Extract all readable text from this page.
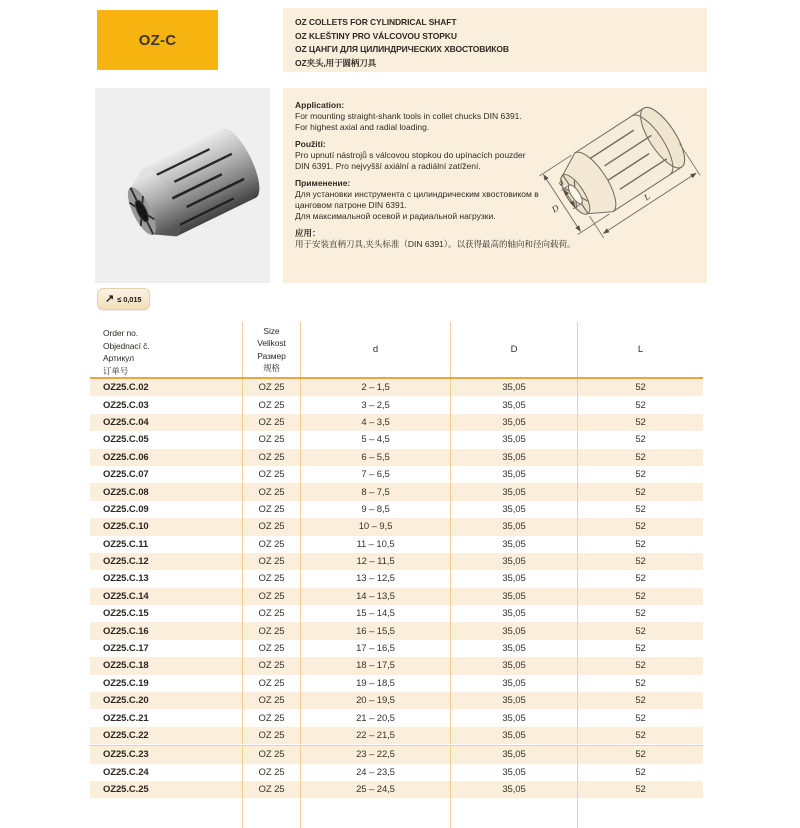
OZ-C
OZ COLLETS FOR CYLINDRICAL SHAFT
OZ KLEŠTINY PRO VÁLCOVOU STOPKU
OZ ЦАНГИ ДЛЯ ЦИЛИНДРИЧЕСКИХ ХВОСТОВИКОВ
OZ夹头,用于圆柄刀具
Application:
For mounting straight-shank tools in collet chucks DIN 6391.
For highest axial and radial loading.
Použití:
Pro upnutí nástrojů s válcovou stopkou do upínacích pouzder
DIN 6391. Pro nejvyšší axiální a radiální zatížení.
Применение:
Для установки инструмента с цилиндрическим хвостовиком в
цанговом патроне DIN 6391.
Для максимальной осевой и радиальной нагрузки.
应用：
用于安装直柄刀具,夹头标准（DIN 6391）。以获得最高的轴向和径向载荷。
D
d
L
↗ ≤ 0,015
Order no.
Objednací č.
Артикул
订单号
Size
Velikost
Размер
规格
d	D	L
OZ25.C.02	OZ 25	2 – 1,5	35,05	52
OZ25.C.03	OZ 25	3 – 2,5	35,05	52
OZ25.C.04	OZ 25	4 – 3,5	35,05	52
OZ25.C.05	OZ 25	5 – 4,5	35,05	52
OZ25.C.06	OZ 25	6 – 5,5	35,05	52
OZ25.C.07	OZ 25	7 – 6,5	35,05	52
OZ25.C.08	OZ 25	8 – 7,5	35,05	52
OZ25.C.09	OZ 25	9 – 8,5	35,05	52
OZ25.C.10	OZ 25	10 – 9,5	35,05	52
OZ25.C.11	OZ 25	11 – 10,5	35,05	52
OZ25.C.12	OZ 25	12 – 11,5	35,05	52
OZ25.C.13	OZ 25	13 – 12,5	35,05	52
OZ25.C.14	OZ 25	14 – 13,5	35,05	52
OZ25.C.15	OZ 25	15 – 14,5	35,05	52
OZ25.C.16	OZ 25	16 – 15,5	35,05	52
OZ25.C.17	OZ 25	17 – 16,5	35,05	52
OZ25.C.18	OZ 25	18 – 17,5	35,05	52
OZ25.C.19	OZ 25	19 – 18,5	35,05	52
OZ25.C.20	OZ 25	20 – 19,5	35,05	52
OZ25.C.21	OZ 25	21 – 20,5	35,05	52
OZ25.C.22	OZ 25	22 – 21,5	35,05	52
OZ25.C.23	OZ 25	23 – 22,5	35,05	52
OZ25.C.24	OZ 25	24 – 23,5	35,05	52
OZ25.C.25	OZ 25	25 – 24,5	35,05	52
